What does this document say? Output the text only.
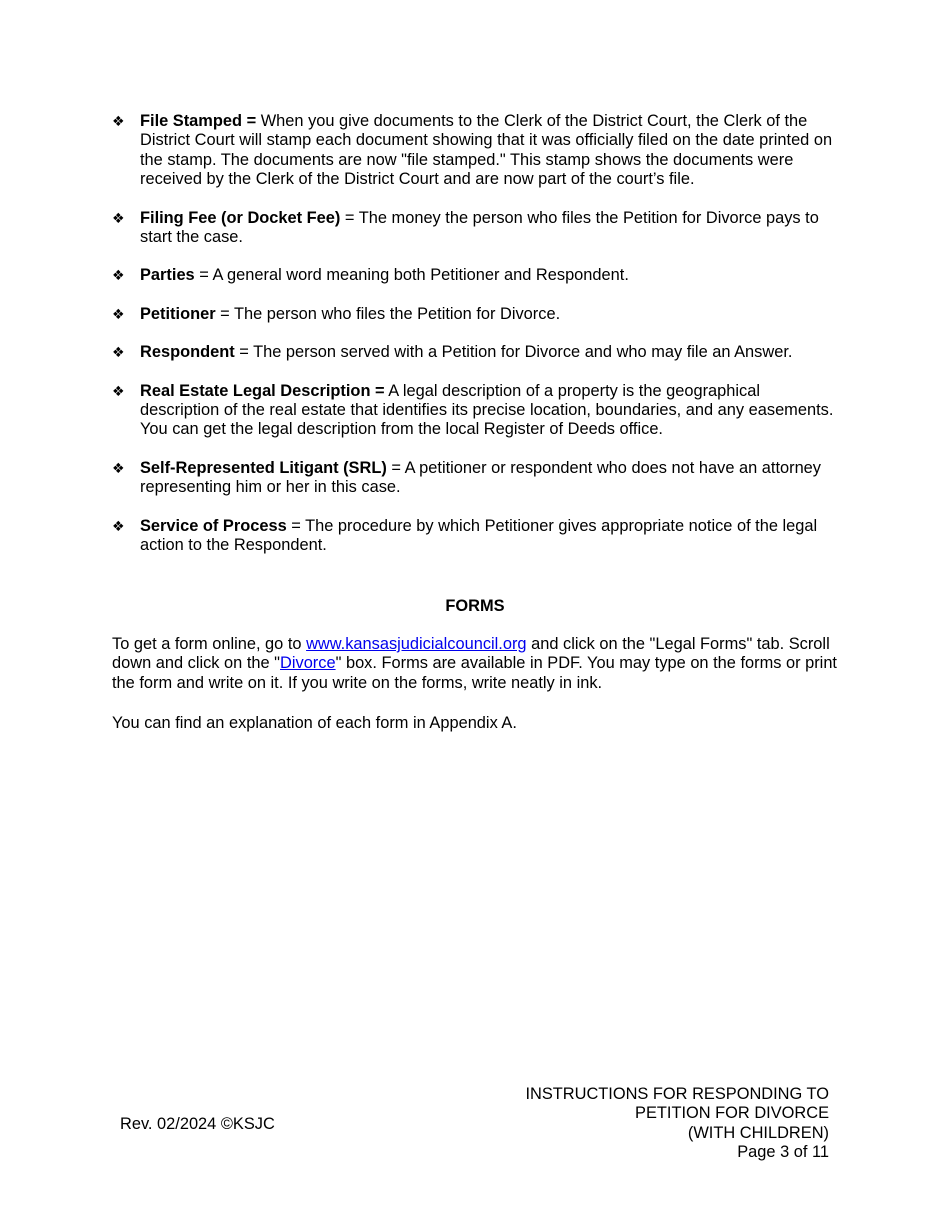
❖ File Stamped = When you give documents to the Clerk of the District Court, the Clerk of the District Court will stamp each document showing that it was officially filed on the date printed on the stamp. The documents are now "file stamped." This stamp shows the documents were received by the Clerk of the District Court and are now part of the court’s file.
❖ Filing Fee (or Docket Fee) = The money the person who files the Petition for Divorce pays to start the case.
❖ Parties = A general word meaning both Petitioner and Respondent.
❖ Petitioner = The person who files the Petition for Divorce.
❖ Respondent = The person served with a Petition for Divorce and who may file an Answer.
❖ Real Estate Legal Description = A legal description of a property is the geographical description of the real estate that identifies its precise location, boundaries, and any easements. You can get the legal description from the local Register of Deeds office.
❖ Self-Represented Litigant (SRL) = A petitioner or respondent who does not have an attorney representing him or her in this case.
❖ Service of Process = The procedure by which Petitioner gives appropriate notice of the legal action to the Respondent.
FORMS

To get a form online, go to www.kansasjudicialcouncil.org and click on the "Legal Forms" tab. Scroll down and click on the "Divorce" box. Forms are available in PDF. You may type on the forms or print the form and write on it. If you write on the forms, write neatly in ink.

You can find an explanation of each form in Appendix A.

Rev. 02/2024 ©KSJC
INSTRUCTIONS FOR RESPONDING TO
PETITION FOR DIVORCE
(WITH CHILDREN)
Page 3 of 11
